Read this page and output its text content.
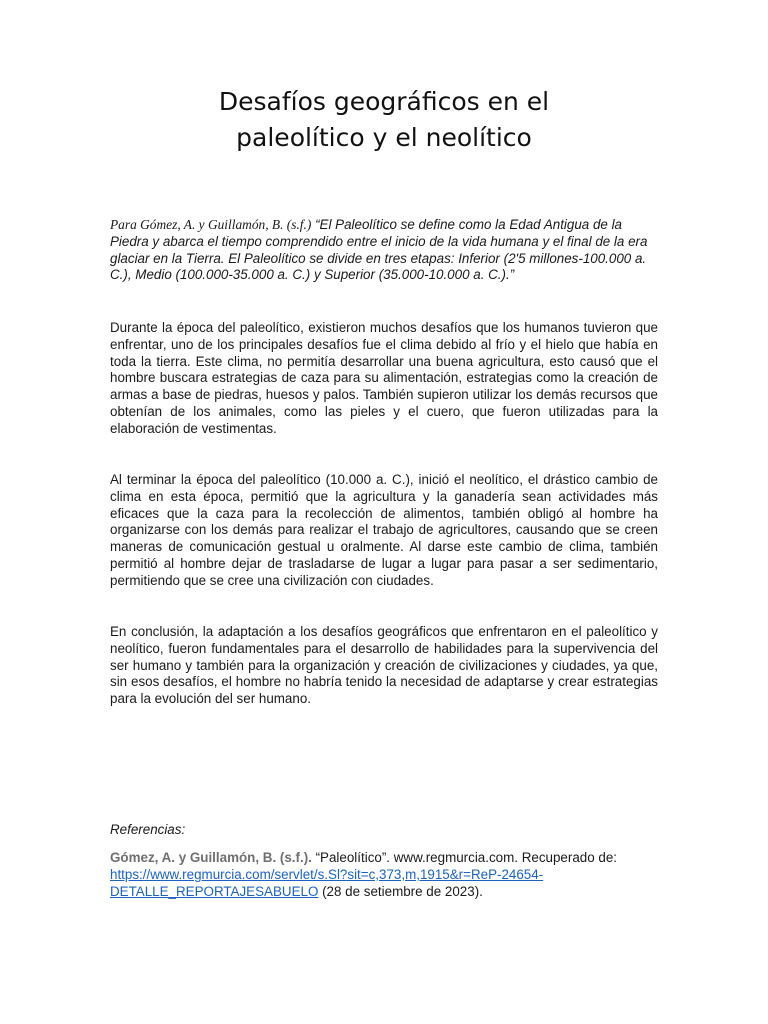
Desafíos geográficos en el
paleolítico y el neolítico

Para Gómez, A. y Guillamón, B. (s.f.) “El Paleolítico se define como la Edad Antigua de la Piedra y abarca el tiempo comprendido entre el inicio de la vida humana y el final de la era glaciar en la Tierra. El Paleolítico se divide en tres etapas: Inferior (2'5 millones-100.000 a. C.), Medio (100.000-35.000 a. C.) y Superior (35.000-10.000 a. C.).”

Durante la época del paleolítico, existieron muchos desafíos que los humanos tuvieron que enfrentar, uno de los principales desafíos fue el clima debido al frío y el hielo que había en toda la tierra. Este clima, no permitía desarrollar una buena agricultura, esto causó que el hombre buscara estrategias de caza para su alimentación, estrategias como la creación de armas a base de piedras, huesos y palos. También supieron utilizar los demás recursos que obtenían de los animales, como las pieles y el cuero, que fueron utilizadas para la elaboración de vestimentas.

Al terminar la época del paleolítico (10.000 a. C.), inició el neolítico, el drástico cambio de clima en esta época, permitió que la agricultura y la ganadería sean actividades más eficaces que la caza para la recolección de alimentos, también obligó al hombre ha organizarse con los demás para realizar el trabajo de agricultores, causando que se creen maneras de comunicación gestual u oralmente. Al darse este cambio de clima, también permitió al hombre dejar de trasladarse de lugar a lugar para pasar a ser sedimentario, permitiendo que se cree una civilización con ciudades.

En conclusión, la adaptación a los desafíos geográficos que enfrentaron en el paleolítico y neolítico, fueron fundamentales para el desarrollo de habilidades para la supervivencia del ser humano y también para la organización y creación de civilizaciones y ciudades, ya que, sin esos desafíos, el hombre no habría tenido la necesidad de adaptarse y crear estrategias para la evolución del ser humano.

Referencias:

Gómez, A. y Guillamón, B. (s.f.). “Paleolítico”. www.regmurcia.com. Recuperado de: https://www.regmurcia.com/servlet/s.Sl?sit=c,373,m,1915&r=ReP-24654-DETALLE_REPORTAJESABUELO (28 de setiembre de 2023).
